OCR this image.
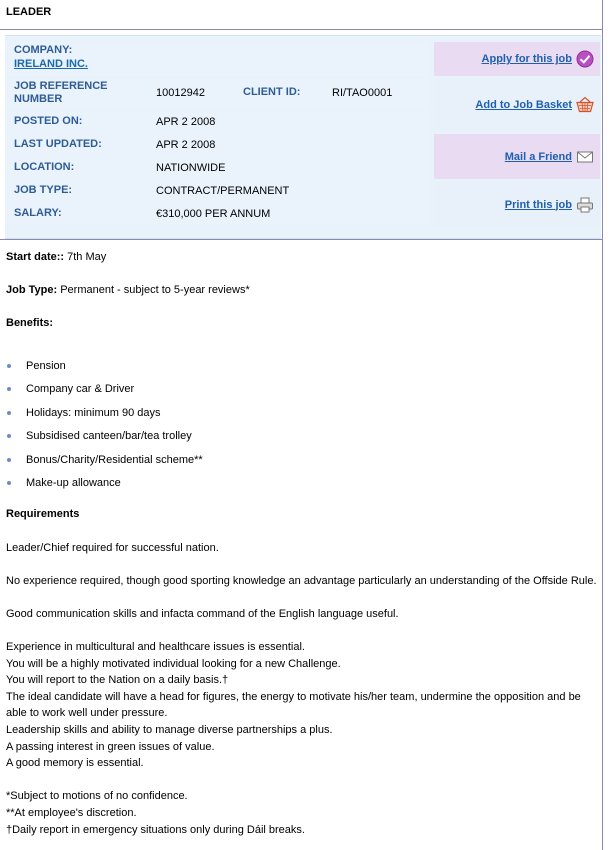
LEADER
COMPANY:
IRELAND INC.
JOB REFERENCE
NUMBER	10012942	CLIENT ID:	RI/TAO0001
POSTED ON:	APR 2 2008
LAST UPDATED:	APR 2 2008
LOCATION:	NATIONWIDE
JOB TYPE:	CONTRACT/PERMANENT
SALARY:	€310,000 PER ANNUM
Apply for this job
Add to Job Basket
Mail a Friend
Print this job
Start date:: 7th May
Job Type: Permanent - subject to 5-year reviews*
Benefits:
Pension
Company car & Driver
Holidays: minimum 90 days
Subsidised canteen/bar/tea trolley
Bonus/Charity/Residential scheme**
Make-up allowance
Requirements
Leader/Chief required for successful nation.
No experience required, though good sporting knowledge an advantage particularly an understanding of the Offside Rule.
Good communication skills and infacta command of the English language useful.
Experience in multicultural and healthcare issues is essential.
You will be a highly motivated individual looking for a new Challenge.
You will report to the Nation on a daily basis.†
The ideal candidate will have a head for figures, the energy to motivate his/her team, undermine the opposition and be able to work well under pressure.
Leadership skills and ability to manage diverse partnerships a plus.
A passing interest in green issues of value.
A good memory is essential.
*Subject to motions of no confidence.
**At employee's discretion.
†Daily report in emergency situations only during Dáil breaks.
